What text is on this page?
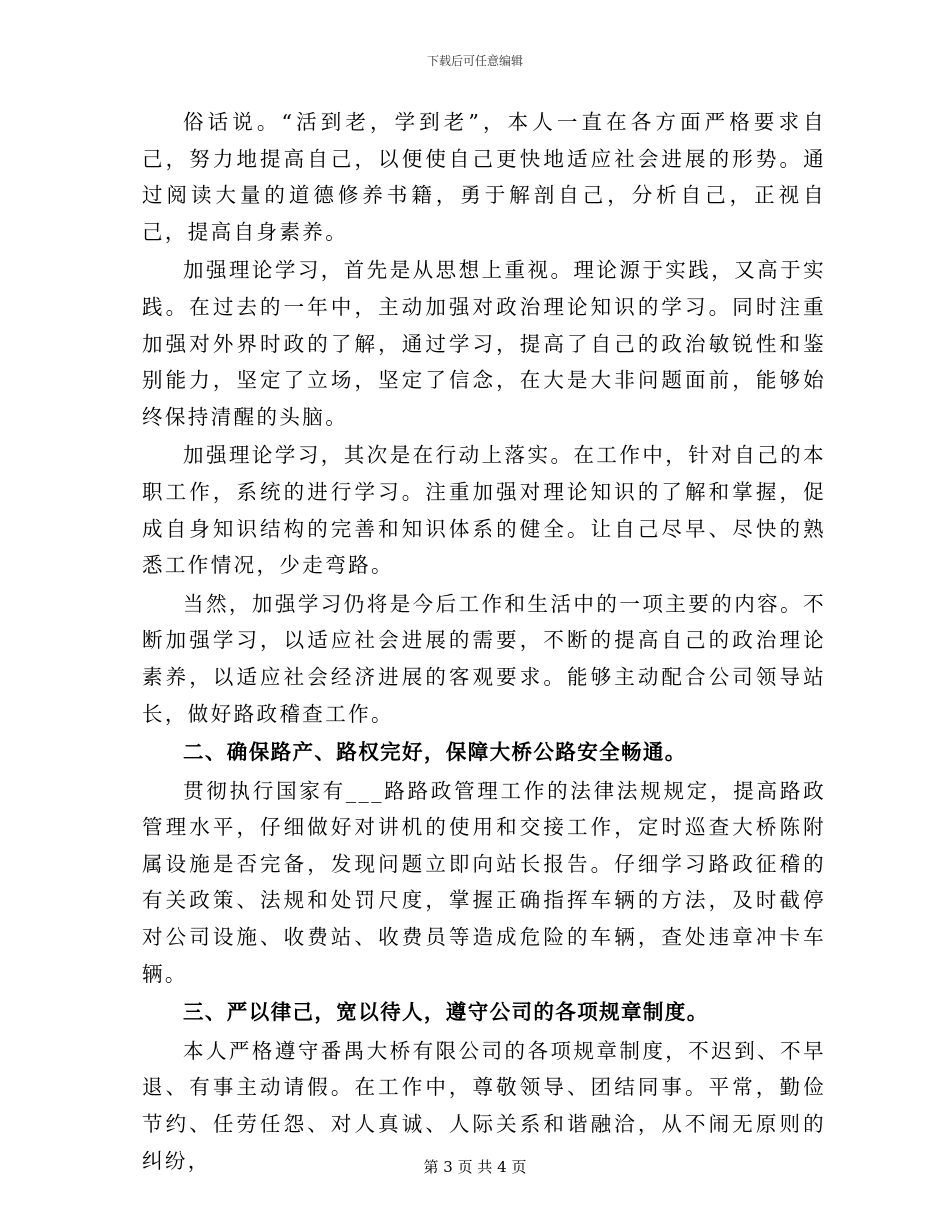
下载后可任意编辑

俗话说。“活到老，学到老”，本人一直在各方面严格要求自己，努力地提高自己，以便使自己更快地适应社会进展的形势。通过阅读大量的道德修养书籍，勇于解剖自己，分析自己，正视自己，提高自身素养。

加强理论学习，首先是从思想上重视。理论源于实践，又高于实践。在过去的一年中，主动加强对政治理论知识的学习。同时注重加强对外界时政的了解，通过学习，提高了自己的政治敏锐性和鉴别能力，坚定了立场，坚定了信念，在大是大非问题面前，能够始终保持清醒的头脑。

加强理论学习，其次是在行动上落实。在工作中，针对自己的本职工作，系统的进行学习。注重加强对理论知识的了解和掌握，促成自身知识结构的完善和知识体系的健全。让自己尽早、尽快的熟悉工作情况，少走弯路。

当然，加强学习仍将是今后工作和生活中的一项主要的内容。不断加强学习，以适应社会进展的需要，不断的提高自己的政治理论素养，以适应社会经济进展的客观要求。能够主动配合公司领导站长，做好路政稽查工作。

二、确保路产、路权完好，保障大桥公路安全畅通。

贯彻执行国家有___路路政管理工作的法律法规规定，提高路政管理水平，仔细做好对讲机的使用和交接工作，定时巡查大桥陈附属设施是否完备，发现问题立即向站长报告。仔细学习路政征稽的有关政策、法规和处罚尺度，掌握正确指挥车辆的方法，及时截停对公司设施、收费站、收费员等造成危险的车辆，查处违章冲卡车辆。

三、严以律己，宽以待人，遵守公司的各项规章制度。

本人严格遵守番禺大桥有限公司的各项规章制度，不迟到、不早退、有事主动请假。在工作中，尊敬领导、团结同事。平常，勤俭节约、任劳任怨、对人真诚、人际关系和谐融洽，从不闹无原则的纠纷，	第 3 页 共 4 页
